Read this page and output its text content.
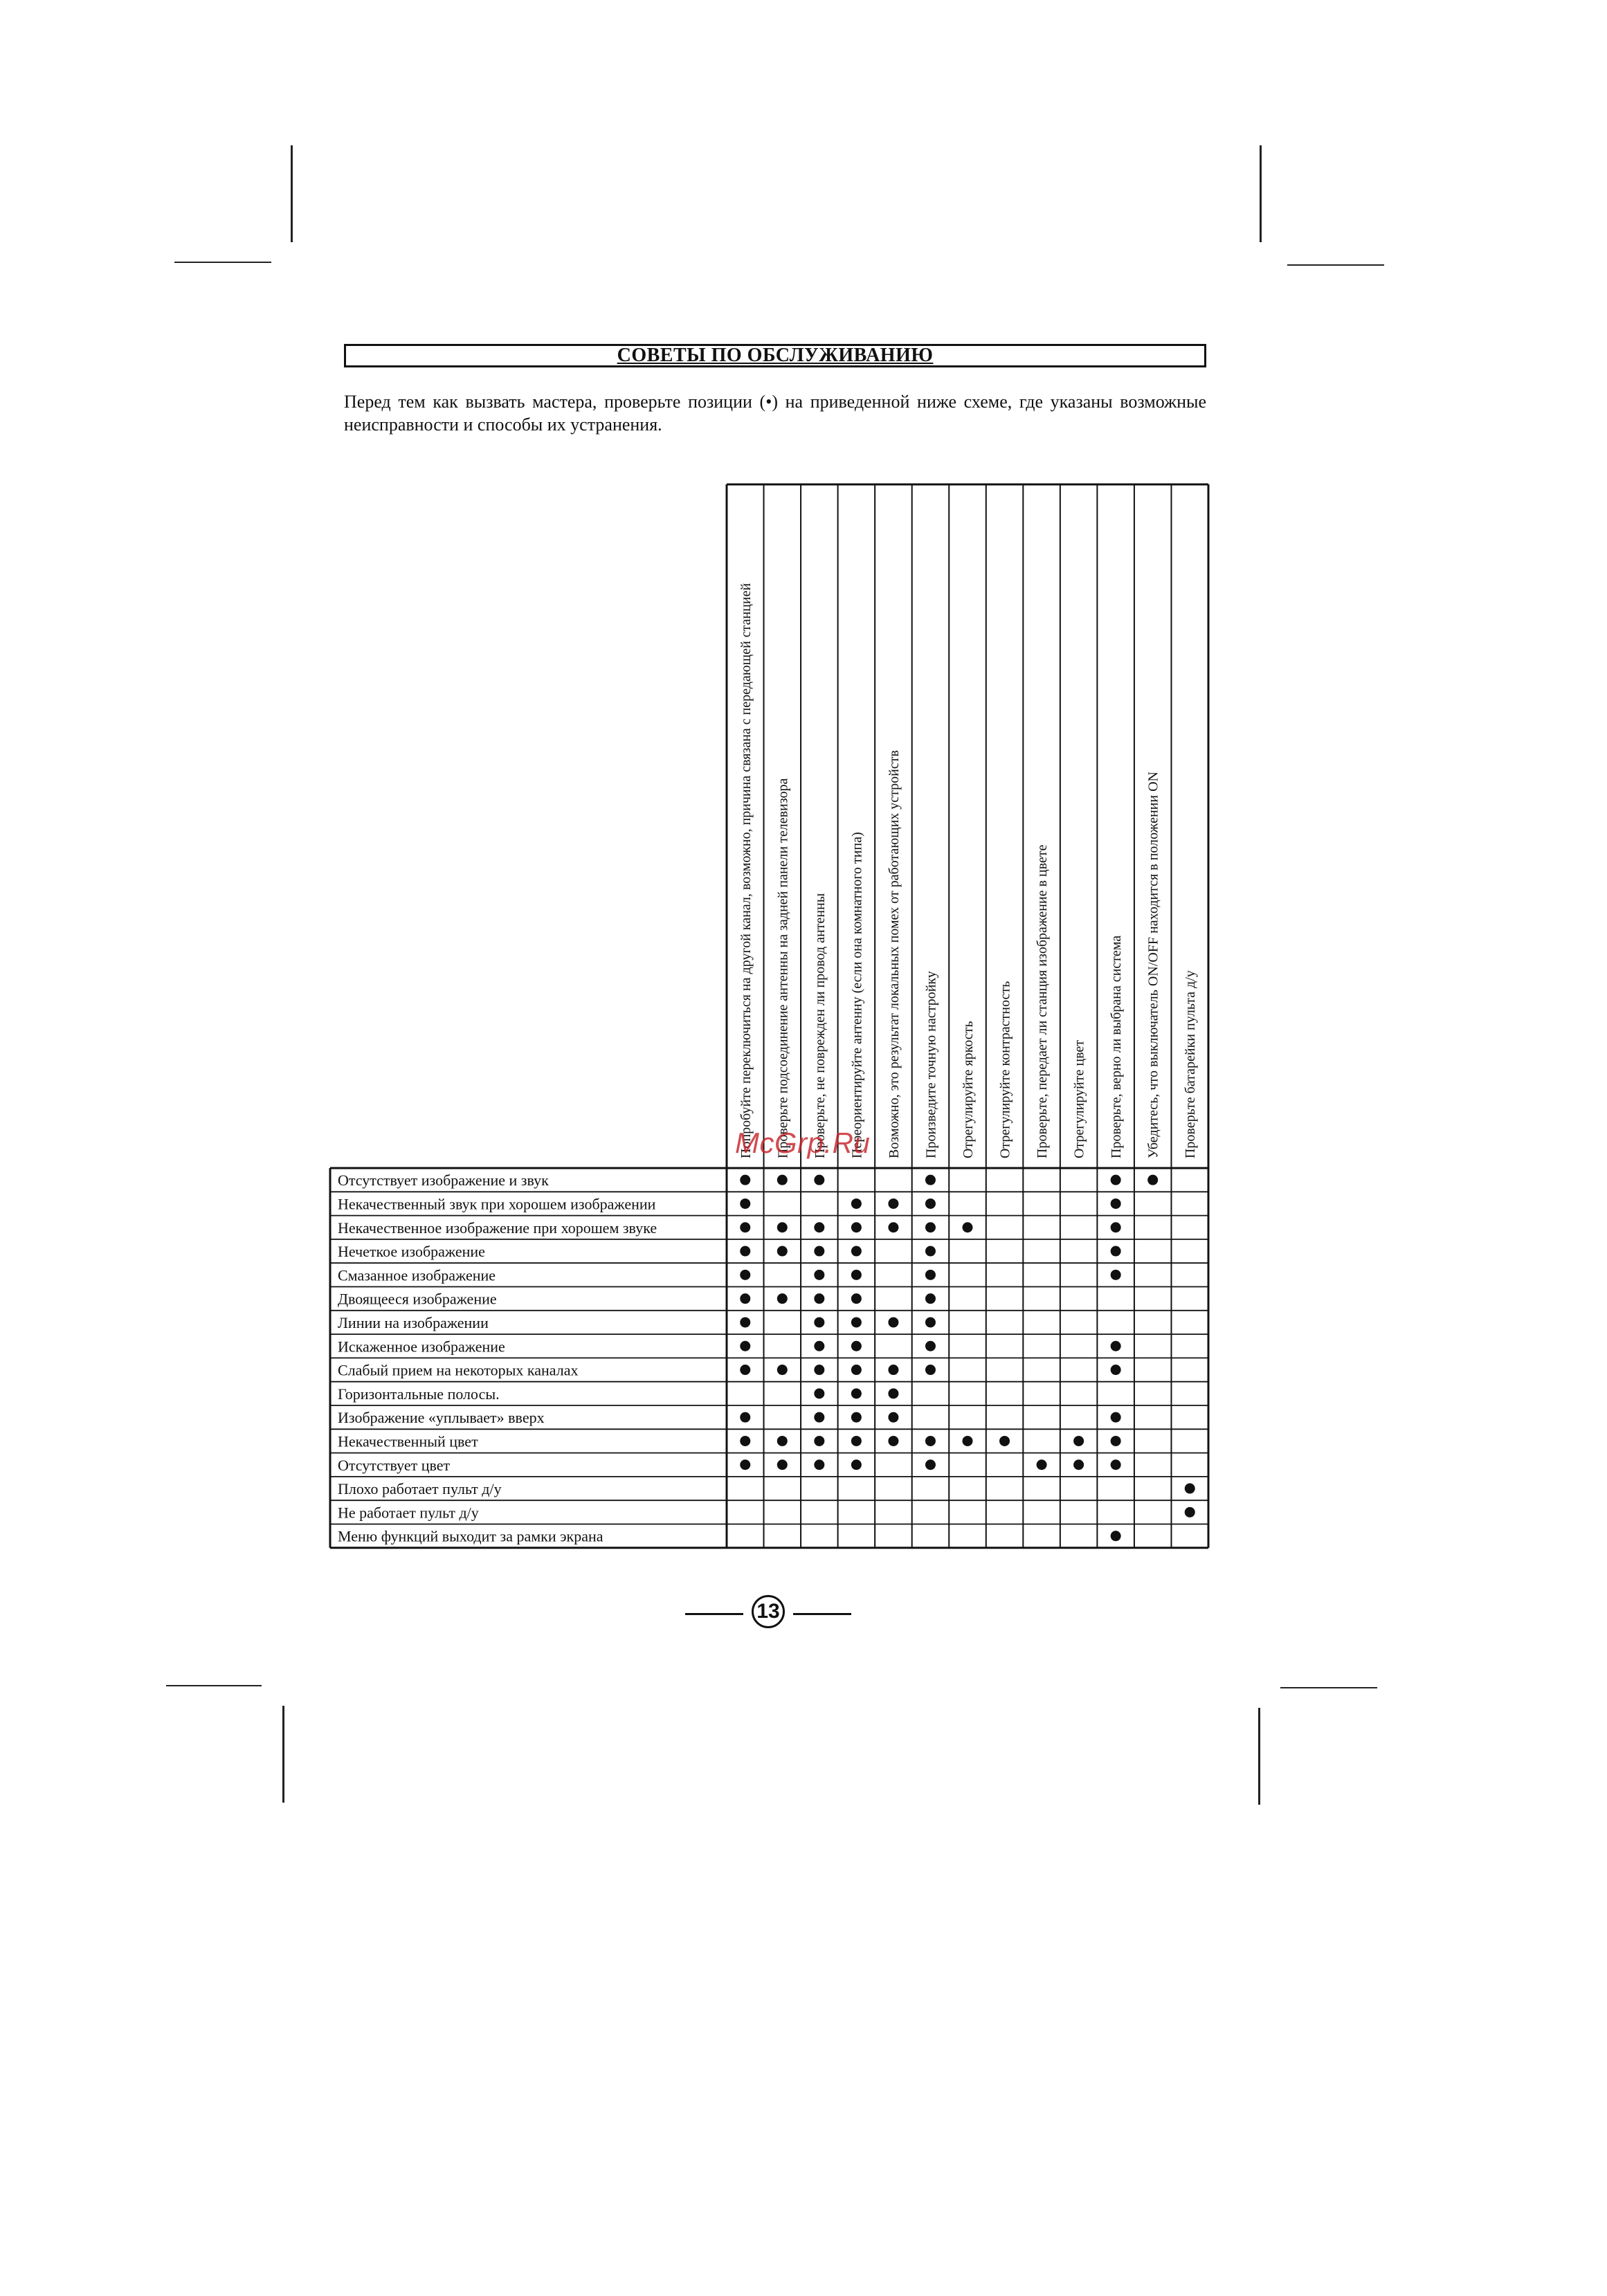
СОВЕТЫ ПО ОБСЛУЖИВАНИЮ
Перед тем как вызвать мастера, проверьте позиции (•) на приведенной ниже схеме, где указаны возможные неисправности и способы их устранения.
Попробуйте переключиться на другой канал, возможно, причина связана с передающей станцией Проверьте подсоединение антенны на задней панели телевизора Проверьте, не поврежден ли провод антенны Переориентируйте антенну (если она комнатного типа) Возможно, это результат локальных помех от работающих устройств Произведите точную настройку Отрегулируйте яркость Отрегулируйте контрастность Проверьте, передает ли станция изображение в цвете Отрегулируйте цвет Проверьте, верно ли выбрана система Убедитесь, что выключатель ON/OFF находится в положении ON Проверьте батарейки пульта д/у
Отсутствует изображение и звук
Некачественный звук при хорошем изображении
Некачественное изображение при хорошем звуке
Нечеткое изображение
Смазанное изображение
Двоящееся изображение
Линии на изображении
Искаженное изображение
Слабый прием на некоторых каналах
Горизонтальные полосы.
Изображение «уплывает» вверх
Некачественный цвет
Отсутствует цвет
Плохо работает пульт д/у
Не работает пульт д/у
Меню функций выходит за рамки экрана
McGrp.Ru
13
